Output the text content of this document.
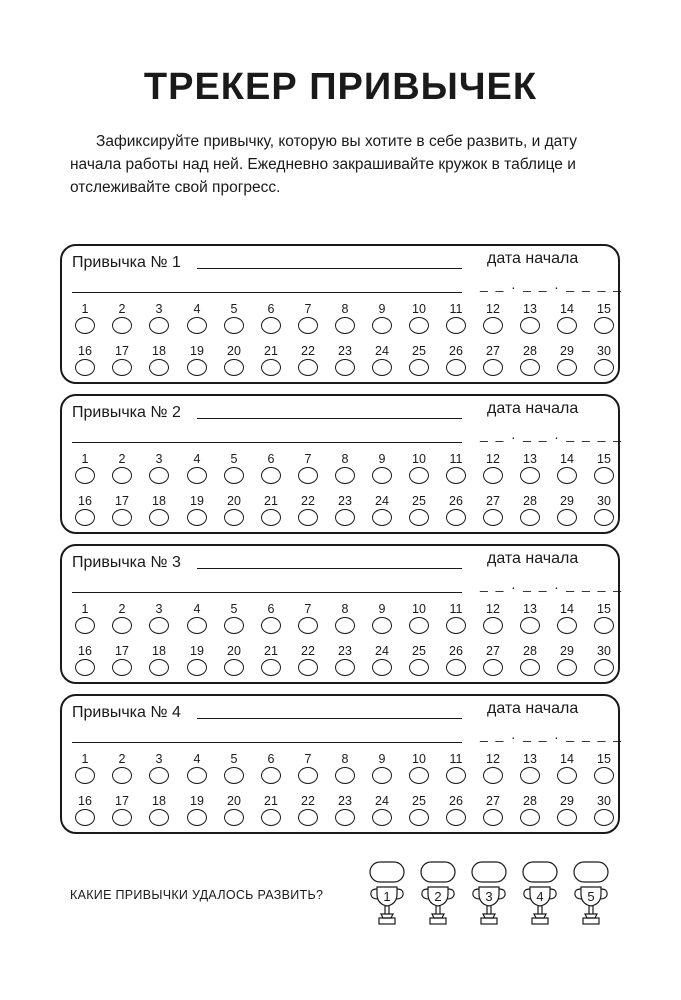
ТРЕКЕР ПРИВЫЧЕК

Зафиксируйте привычку, которую вы хотите в себе развить, и дату начала работы над ней. Ежедневно закрашивайте кружок в таблице и отслеживайте свой прогресс.

Привычка № 1	дата начала
_ _ . _ _ . _ _ _ _
1	2	3	4	5	6	7	8	9	10	11	12	13	14	15
16	17	18	19	20	21	22	23	24	25	26	27	28	29	30
Привычка № 2	дата начала
_ _ . _ _ . _ _ _ _
1	2	3	4	5	6	7	8	9	10	11	12	13	14	15
16	17	18	19	20	21	22	23	24	25	26	27	28	29	30
Привычка № 3	дата начала
_ _ . _ _ . _ _ _ _
1	2	3	4	5	6	7	8	9	10	11	12	13	14	15
16	17	18	19	20	21	22	23	24	25	26	27	28	29	30
Привычка № 4	дата начала
_ _ . _ _ . _ _ _ _
1	2	3	4	5	6	7	8	9	10	11	12	13	14	15
16	17	18	19	20	21	22	23	24	25	26	27	28	29	30
КАКИЕ ПРИВЫЧКИ УДАЛОСЬ РАЗВИТЬ?	1	2	3	4	5
